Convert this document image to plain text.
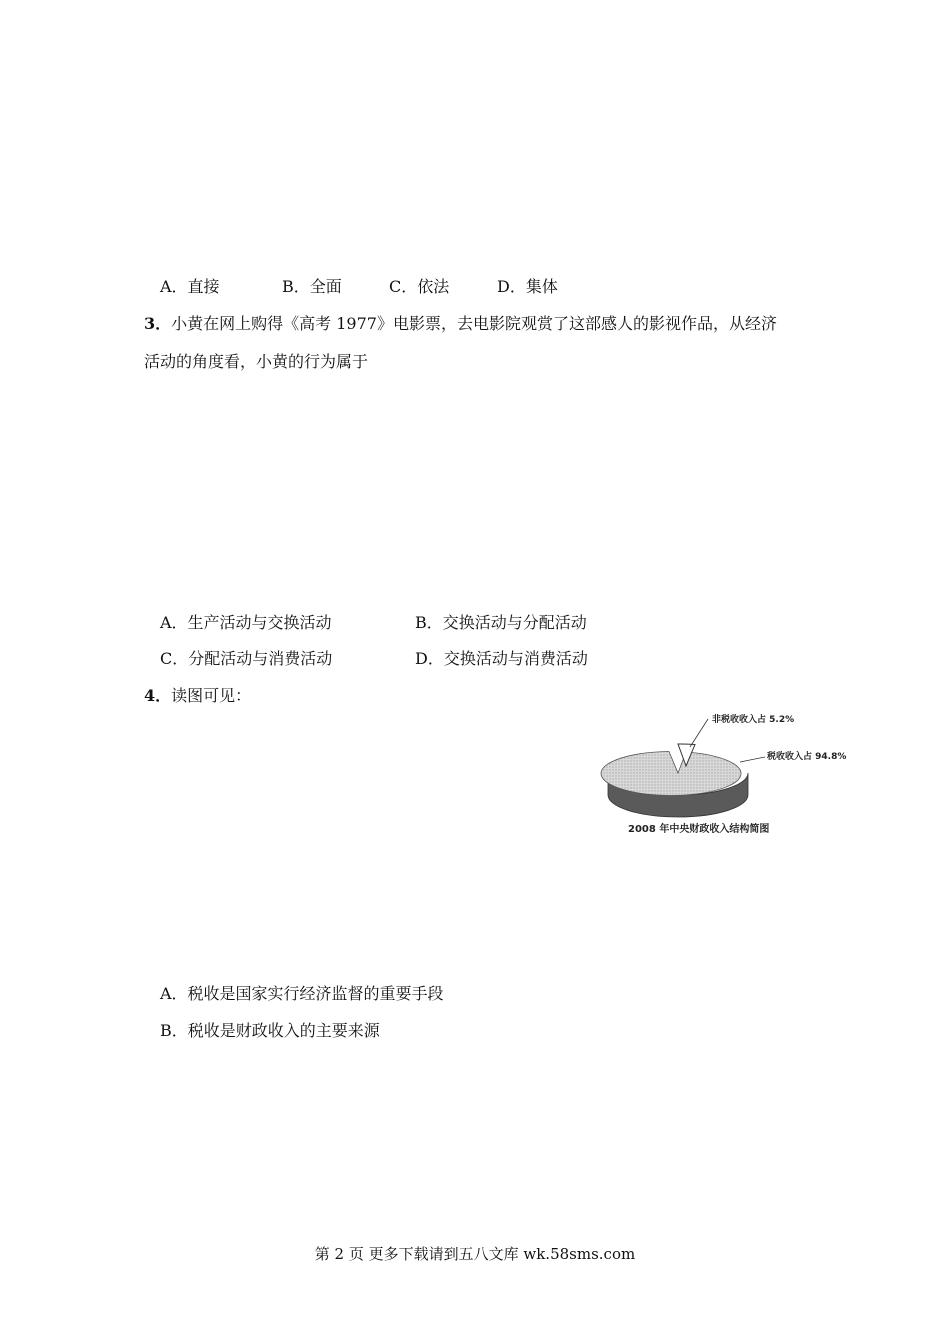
A．直接	B．全面	C．依法	D．集体
3．小黄在网上购得《高考 1977》电影票，去电影院观赏了这部感人的影视作品，从经济
活动的角度看，小黄的行为属于
A．生产活动与交换活动	B．交换活动与分配活动
C．分配活动与消费活动	D．交换活动与消费活动
4．读图可见：
非税收收入占 5.2%
税收收入占 94.8%
2008 年中央财政收入结构简图
A．税收是国家实行经济监督的重要手段
B．税收是财政收入的主要来源
第 2 页 更多下载请到五八文库 wk.58sms.com
